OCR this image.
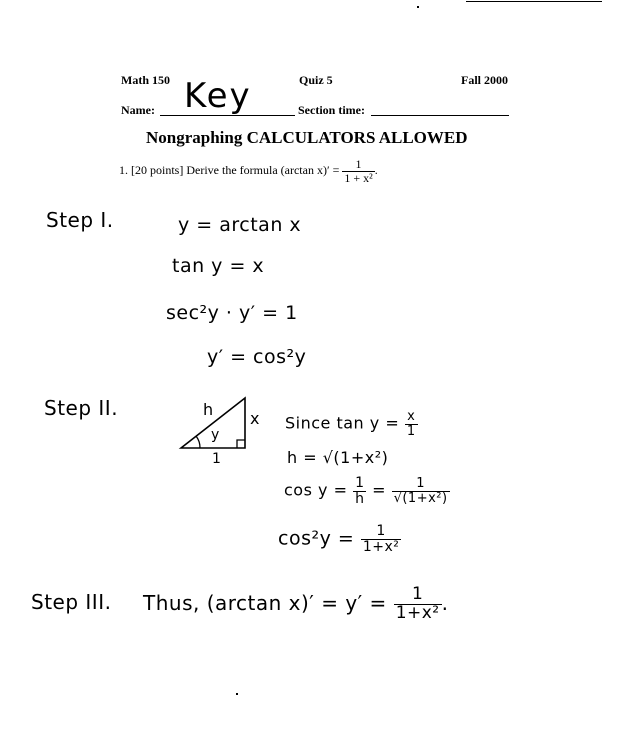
Math 150	Quiz 5	Fall 2000
Name: Key	Section time:
Nongraphing CALCULATORS ALLOWED
1. [20 points] Derive the formula (arctan $x)' = \frac{1}{\text{1 + x²}}$ .
Step I.	y = arctan x
tan y = x
sec²y · y′ = 1
y′ = cos²y
Step II.	h x
y
1
Since $\tan y = \frac{x}{1}$
h = √(1+x²)
$\cos y = \frac{1}{h} = \frac{1}{\text{√(1+x²)}}$
$\cos^2y = \frac{1}{\text{1+x²}}$
Step III. Thus, (arctan $x)' = y' = \frac{1}{\text{1+x²}}$ .
